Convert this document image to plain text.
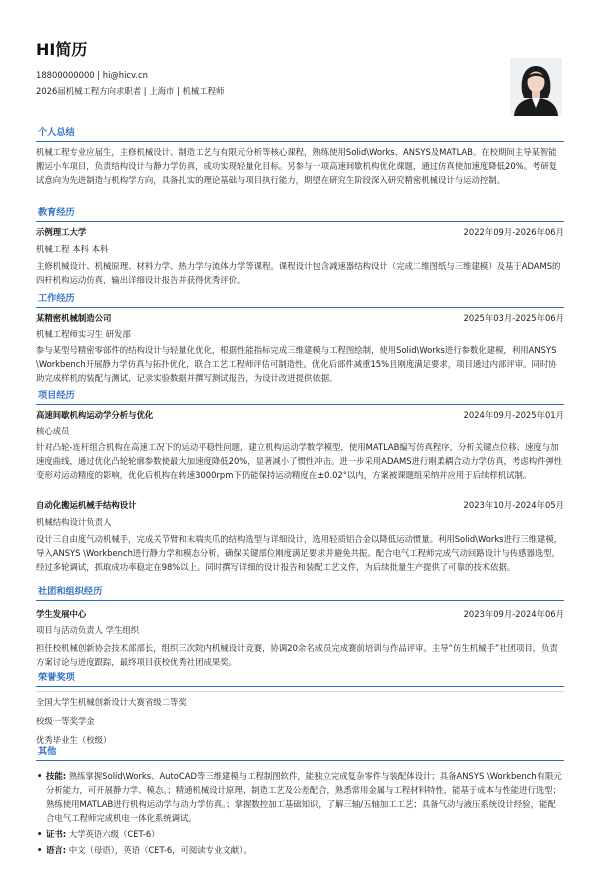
HI简历
18800000000 | hi@hicv.cn
2026届机械工程方向求职者 | 上海市 | 机械工程师
个人总结
机械工程专业应届生，主修机械设计、制造工艺与有限元分析等核心课程，熟练使用Solid\Works、ANSYS及MATLAB。在校期间主导某智能搬运小车项目，负责结构设计与静力学仿真，成功实现轻量化目标。另参与一项高速间歇机构优化课题，通过仿真使加速度降低20%。考研复试意向为先进制造与机构学方向，具备扎实的理论基础与项目执行能力，期望在研究生阶段深入研究精密机械设计与运动控制。
教育经历
示例理工大学	2022年09月-2026年06月
机械工程 本科 本科
主修机械设计、机械原理、材料力学、热力学与流体力学等课程。课程设计包含减速器结构设计（完成二维图纸与三维建模）及基于ADAMS的四杆机构运动仿真，输出详细设计报告并获得优秀评价。
工作经历
某精密机械制造公司	2025年03月-2025年06月
机械工程师实习生 研发部
参与某型号精密零部件的结构设计与轻量化优化，根据性能指标完成三维建模与工程图绘制，使用Solid\Works进行参数化建模，利用ANSYS \Workbench开展静力学仿真与拓扑优化，联合工艺工程师评估可制造性。优化后部件减重15%且刚度满足要求，项目通过内部评审。同时协助完成样机的装配与测试，记录实验数据并撰写测试报告，为设计改进提供依据。
项目经历
高速间歇机构运动学分析与优化	2024年09月-2025年01月
核心成员
针对凸轮-连杆组合机构在高速工况下的运动平稳性问题，建立机构运动学数学模型，使用MATLAB编写仿真程序，分析关键点位移、速度与加速度曲线，通过优化凸轮轮廓参数使最大加速度降低20%，显著减小了惯性冲击。进一步采用ADAMS进行刚柔耦合动力学仿真，考虑构件弹性变形对运动精度的影响，优化后机构在转速3000rpm下仍能保持运动精度在±0.02°以内，方案被课题组采纳并应用于后续样机试制。
自动化搬运机械手结构设计	2023年10月-2024年05月
机械结构设计负责人
设计三自由度气动机械手，完成关节臂和末端夹爪的结构选型与详细设计，选用轻质铝合金以降低运动惯量。利用Solid\Works进行三维建模，导入ANSYS \Workbench进行静力学和模态分析，确保关键部位刚度满足要求并避免共振。配合电气工程师完成气动回路设计与传感器选型，经过多轮调试，抓取成功率稳定在98%以上。同时撰写详细的设计报告和装配工艺文件，为后续批量生产提供了可靠的技术依据。
社团和组织经历
学生发展中心	2023年09月-2024年06月
项目与活动负责人 学生组织
担任校机械创新协会技术部部长，组织三次院内机械设计竞赛，协调20余名成员完成赛前培训与作品评审。主导“仿生机械手”社团项目，负责方案讨论与进度跟踪，最终项目获校优秀社团成果奖。
荣誉奖项
全国大学生机械创新设计大赛省级二等奖
校级一等奖学金
优秀毕业生（校级）
其他
• 技能: 熟练掌握Solid\Works、AutoCAD等三维建模与工程制图软件，能独立完成复杂零件与装配体设计；具备ANSYS \Workbench有限元分析能力，可开展静力学、模态。；精通机械设计原理、制造工艺及公差配合，熟悉常用金属与工程材料特性，能基于成本与性能进行选型；熟练使用MATLAB进行机构运动学与动力学仿真。；掌握数控加工基础知识，了解三轴/五轴加工工艺；具备气动与液压系统设计经验，能配合电气工程师完成机电一体化系统调试。
• 证书: 大学英语六级（CET-6）
• 语言: 中文（母语），英语（CET-6，可阅读专业文献）。
